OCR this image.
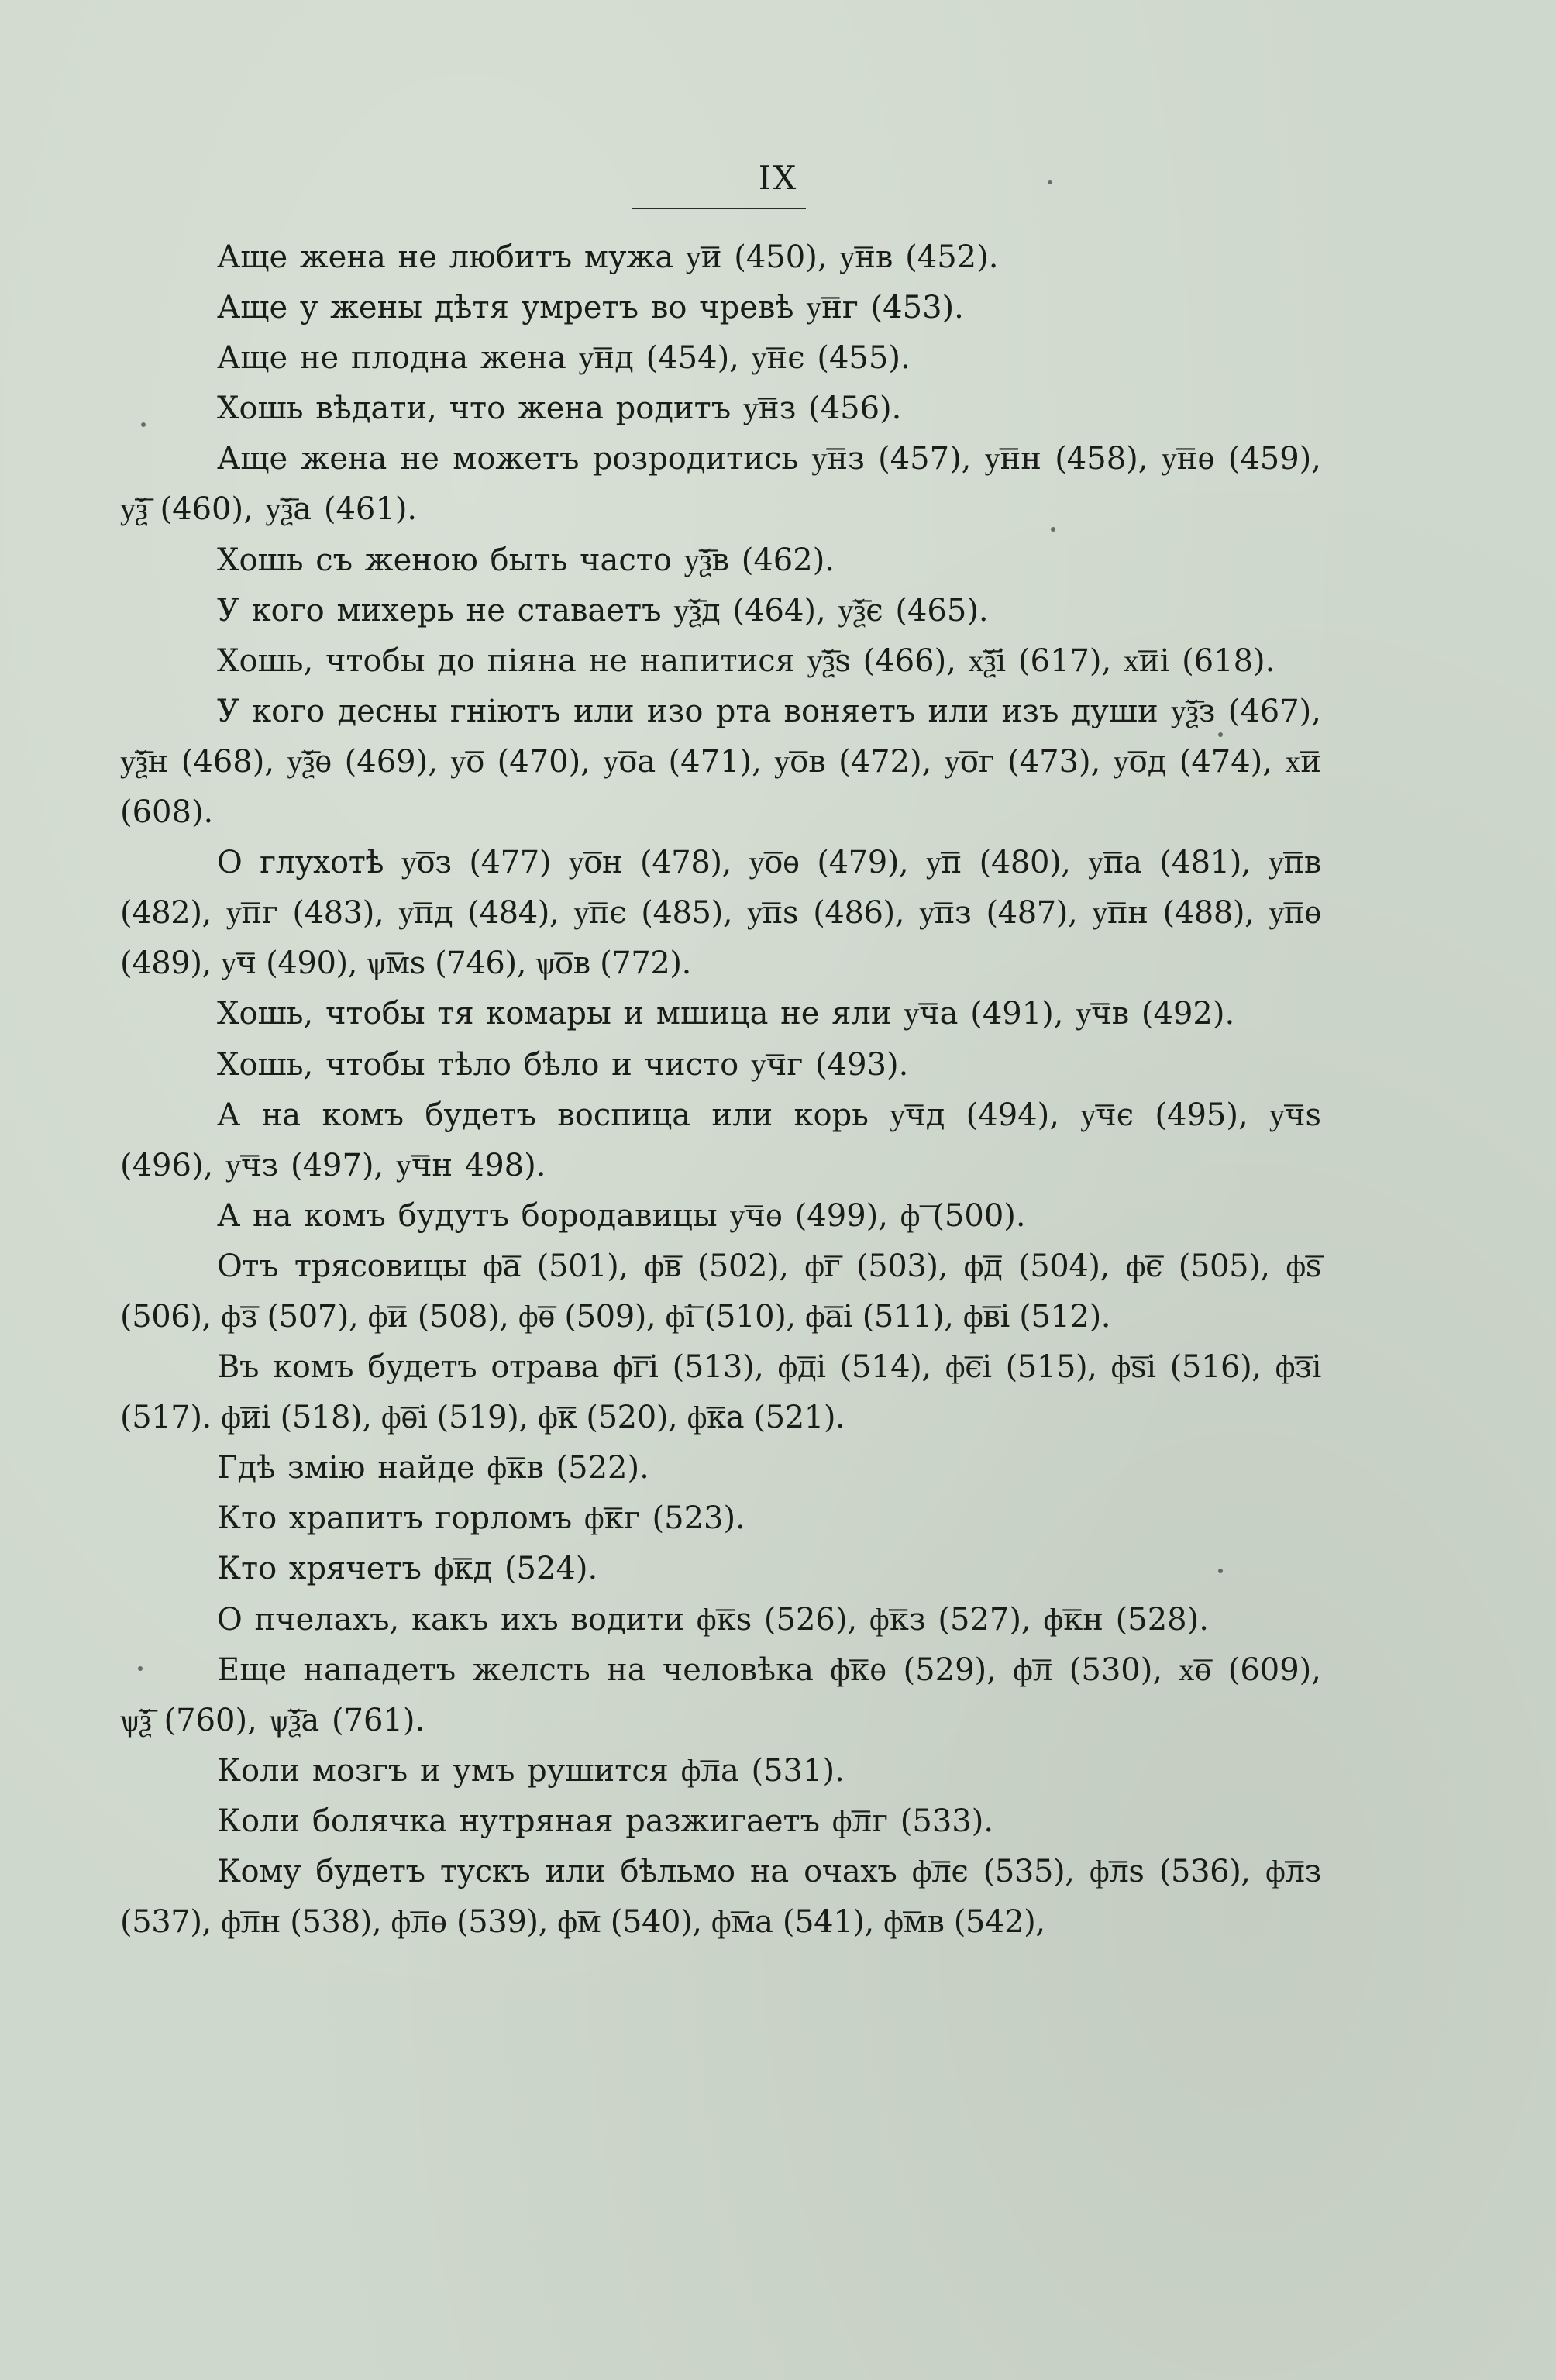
IX

Аще жена не любитъ мужа у͞и (450), у͞нв (452).

Аще у жены дѣтя умретъ во чревѣ у͞нг (453).

Аще не плодна жена у͞нд (454), у͞нє (455).

Хошь вѣдати, что жена родитъ у͞нз (456).

Аще жена не можетъ розродитись у͞нз (457), у͞нн (458), у͞нѳ (459), у͞ѯ (460), у͞ѯа (461).

Хошь съ женою быть часто у͞ѯв (462).

У кого михерь не ставаетъ у͞ѯд (464), у͞ѯє (465).

Хошь, чтобы до піяна не напитися у͞ѯѕ (466), х͞ѯі (617), х͞иі (618).

У кого десны гніютъ или изо рта воняетъ или изъ души у͞ѯз (467), у͞ѯн (468), у͞ѯѳ (469), у͞о (470), у͞оа (471), у͞ов (472), у͞ог (473), у͞од (474), х͞и (608).

О глухотѣ у͞оз (477) у͞он (478), у͞оѳ (479), у͞п (480), у͞па (481), у͞пв (482), у͞пг (483), у͞пд (484), у͞пє (485), у͞пѕ (486), у͞пз (487), у͞пн (488), у͞пѳ (489), у͞ч (490), ѱ͞мѕ (746), ѱ͞ов (772).

Хошь, чтобы тя комары и мшица не яли у͞ча (491), у͞чв (492).

Хошь, чтобы тѣло бѣло и чисто у͞чг (493).

А на комъ будетъ воспица или корь у͞чд (494), у͞чє (495), у͞чѕ (496), у͞чз (497), у͞чн 498).

А на комъ будутъ бородавицы у͞чѳ (499), ф͞ (500).

Отъ трясовицы ф͞а (501), ф͞в (502), ф͞г (503), ф͞д (504), ф͞є (505), ф͞ѕ (506), ф͞з (507), ф͞и (508), ф͞ѳ (509), ф͞і (510), ф͞аі (511), ф͞ві (512).

Въ комъ будетъ отрава ф͞гі (513), ф͞ді (514), ф͞єі (515), ф͞ѕі (516), ф͞зі (517). ф͞иі (518), ф͞ѳі (519), ф͞к (520), ф͞ка (521).

Гдѣ змію найде ф͞кв (522).

Кто храпитъ горломъ ф͞кг (523).

Кто хрячетъ ф͞кд (524).

О пчелахъ, какъ ихъ водити ф͞кѕ (526), ф͞кз (527), ф͞кн (528).

Еще нападетъ желсть на человѣка ф͞кѳ (529), ф͞л (530), х͞ѳ (609), ѱ͞ѯ (760), ѱ͞ѯа (761).

Коли мозгъ и умъ рушится ф͞ла (531).

Коли болячка нутряная разжигаетъ ф͞лг (533).

Кому будетъ тускъ или бѣльмо на очахъ ф͞лє (535), ф͞лѕ (536), ф͞лз (537), ф͞лн (538), ф͞лѳ (539), ф͞м (540), ф͞ма (541), ф͞мв (542),
